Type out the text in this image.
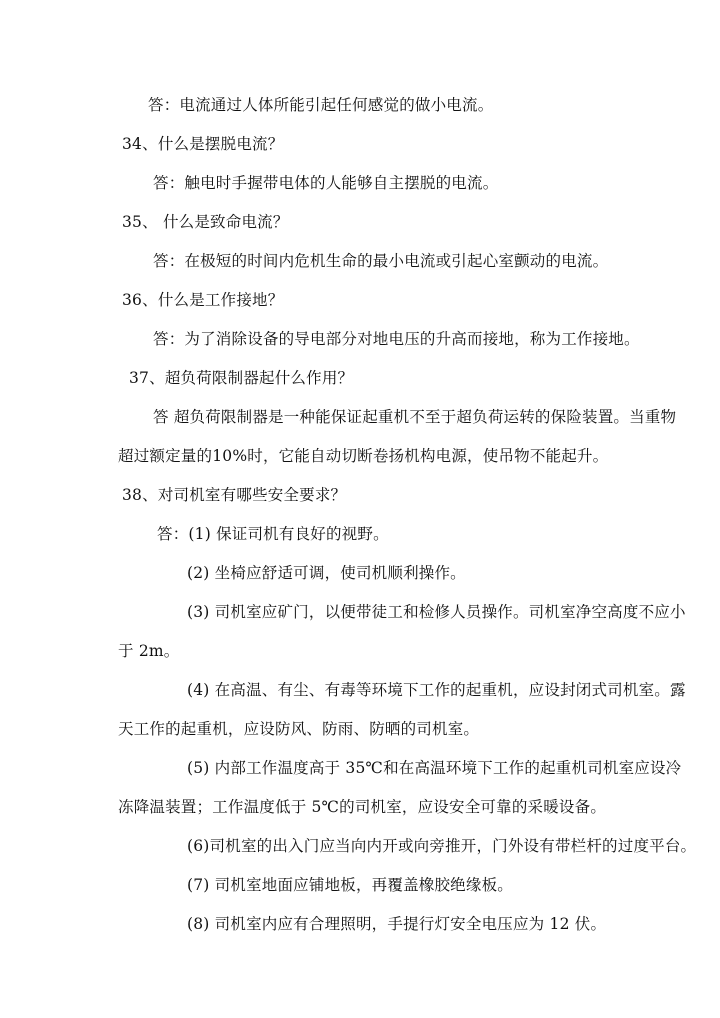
答：电流通过人体所能引起任何感觉的做小电流。
34、什么是摆脱电流？
答：触电时手握带电体的人能够自主摆脱的电流。
35、 什么是致命电流？
答：在极短的时间内危机生命的最小电流或引起心室颤动的电流。
36、什么是工作接地？
答：为了消除设备的导电部分对地电压的升高而接地，称为工作接地。
37、超负荷限制器起什么作用？
答 超负荷限制器是一种能保证起重机不至于超负荷运转的保险装置。当重物
超过额定量的10%时，它能自动切断卷扬机构电源，使吊物不能起升。
38、对司机室有哪些安全要求？
答：(1) 保证司机有良好的视野。
(2) 坐椅应舒适可调，使司机顺利操作。
(3) 司机室应矿门，以便带徒工和检修人员操作。司机室净空高度不应小
于 2m。
(4) 在高温、有尘、有毒等环境下工作的起重机，应设封闭式司机室。露
天工作的起重机，应设防风、防雨、防晒的司机室。
(5) 内部工作温度高于 35℃和在高温环境下工作的起重机司机室应设冷
冻降温装置；工作温度低于 5℃的司机室，应设安全可靠的采暖设备。
(6)司机室的出入门应当向内开或向旁推开，门外设有带栏杆的过度平台。
(7) 司机室地面应铺地板，再覆盖橡胶绝缘板。
(8) 司机室内应有合理照明，手提行灯安全电压应为 12 伏。
